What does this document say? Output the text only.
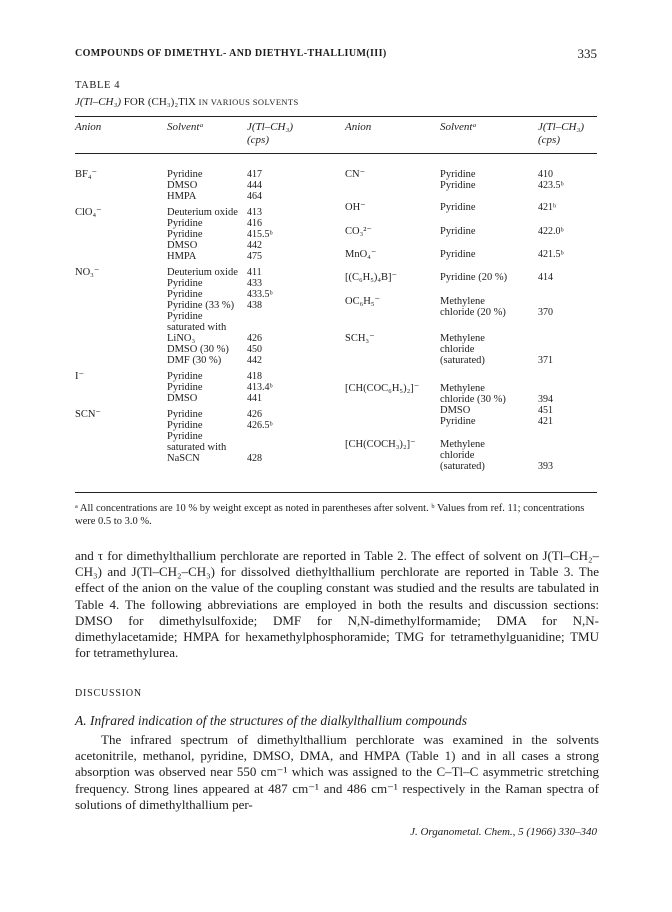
COMPOUNDS OF DIMETHYL- AND DIETHYL-THALLIUM(III)	335
TABLE 4
J(Tl–CH₃) FOR (CH₃)₂TlX IN VARIOUS SOLVENTS
Anion	Solventᵃ	J(Tl–CH₃)
(cps)
Anion	Solventᵃ	J(Tl–CH₃)
(cps)
BF₄⁻	Pyridine	417
DMSO	444
HMPA	464
ClO₄⁻	Deuterium oxide 413
Pyridine	416
Pyridine	415.5ᵇ
DMSO	442
HMPA	475
NO₃⁻	Deuterium oxide 411
Pyridine	433
Pyridine	433.5ᵇ
Pyridine (33 %) 438
Pyridine
saturated with
LiNO₃	426
DMSO (30 %) 450
DMF (30 %)	442
I⁻	Pyridine	418
Pyridine	413.4ᵇ
DMSO	441
SCN⁻	Pyridine	426
Pyridine	426.5ᵇ
Pyridine
saturated with
NaSCN	428
CN⁻	Pyridine	410
Pyridine	423.5ᵇ
OH⁻	Pyridine	421ᵇ
CO₃²⁻	Pyridine	422.0ᵇ
MnO₄⁻	Pyridine	421.5ᵇ
[(C₆H₅)₄B]⁻	Pyridine (20 %)	414
OC₆H₅⁻	Methylene
chloride (20 %)	370
SCH₃⁻	Methylene
chloride
(saturated)	371
[CH(COC₆H₅)₂]⁻ Methylene
chloride (30 %)	394
DMSO	451
Pyridine	421
[CH(COCH₃)₂]⁻ Methylene
chloride
(saturated)	393
ᵃ All concentrations are 10 % by weight except as noted in parentheses after solvent. ᵇ Values from ref. 11; concentrations were 0.5 to 3.0 %.
and τ for dimethylthallium perchlorate are reported in Table 2. The effect of solvent on J(Tl–CH₂–CH₃) and J(Tl–CH₂–CH₃) for dissolved diethylthallium perchlorate are reported in Table 3. The effect of the anion on the value of the coupling constant was studied and the results are tabulated in Table 4. The following abbreviations are employed in both the results and discussion sections: DMSO for dimethylsulfoxide; DMF for N,N-dimethylformamide; DMA for N,N-dimethylacetamide; HMPA for hexamethylphosphoramide; TMG for tetramethylguanidine; TMU for tetramethylurea.
DISCUSSION
A. Infrared indication of the structures of the dialkylthallium compounds
The infrared spectrum of dimethylthallium perchlorate was examined in the solvents acetonitrile, methanol, pyridine, DMSO, DMA, and HMPA (Table 1) and in all cases a strong absorption was observed near 550 cm⁻¹ which was assigned to the C–Tl–C asymmetric stretching frequency. Strong lines appeared at 487 cm⁻¹ and 486 cm⁻¹ respectively in the Raman spectra of solutions of dimethylthallium per-
J. Organometal. Chem., 5 (1966) 330–340
